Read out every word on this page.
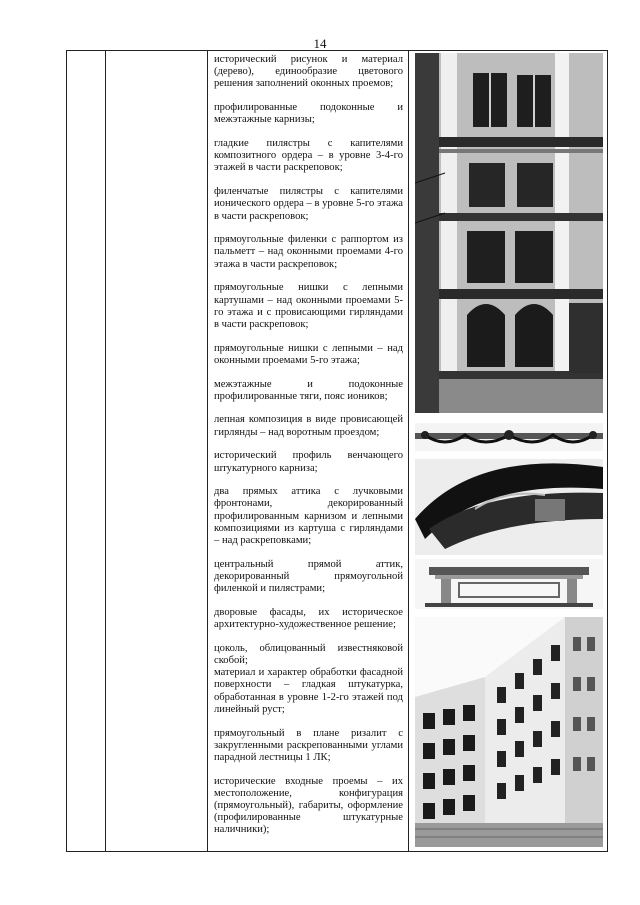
14

исторический рисунок и материал (дерево), единообразие цветового решения заполнений оконных проемов;

профилированные подоконные и межэтажные карнизы;

гладкие пилястры с капителями композитного ордера – в уровне 3-4-го этажей в части раскреповок;

филенчатые пилястры с капителями ионического ордера – в уровне 5-го этажа в части раскреповок;

прямоугольные филенки с раппортом из пальметт – над оконными проемами 4-го этажа в части раскреповок;

прямоугольные нишки с лепными картушами – над оконными проемами 5-го этажа и с провисающими гирляндами в части раскреповок;

прямоугольные нишки с лепными – над оконными проемами 5-го этажа;

межэтажные и подоконные профилированные тяги, пояс иоников;

лепная композиция в виде провисающей гирлянды – над воротным проездом;

исторический профиль венчающего штукатурного карниза;

два прямых аттика с лучковыми фронтонами, декорированный профилированным карнизом и лепными композициями из картуша с гирляндами – над раскреповками;

центральный прямой аттик, декорированный прямоугольной филенкой и пилястрами;

дворовые фасады, их историческое архитектурно-художественное решение;

цоколь, облицованный известняковой скобой;

материал и характер обработки фасадной поверхности – гладкая штукатурка, обработанная в уровне 1-2-го этажей под линейный руст;

прямоугольный в плане ризалит с закругленными раскрепованными углами парадной лестницы 1 ЛК;

исторические входные проемы – их местоположение, конфигурация (прямоугольный), габариты, оформление (профилированные штукатурные наличники);
